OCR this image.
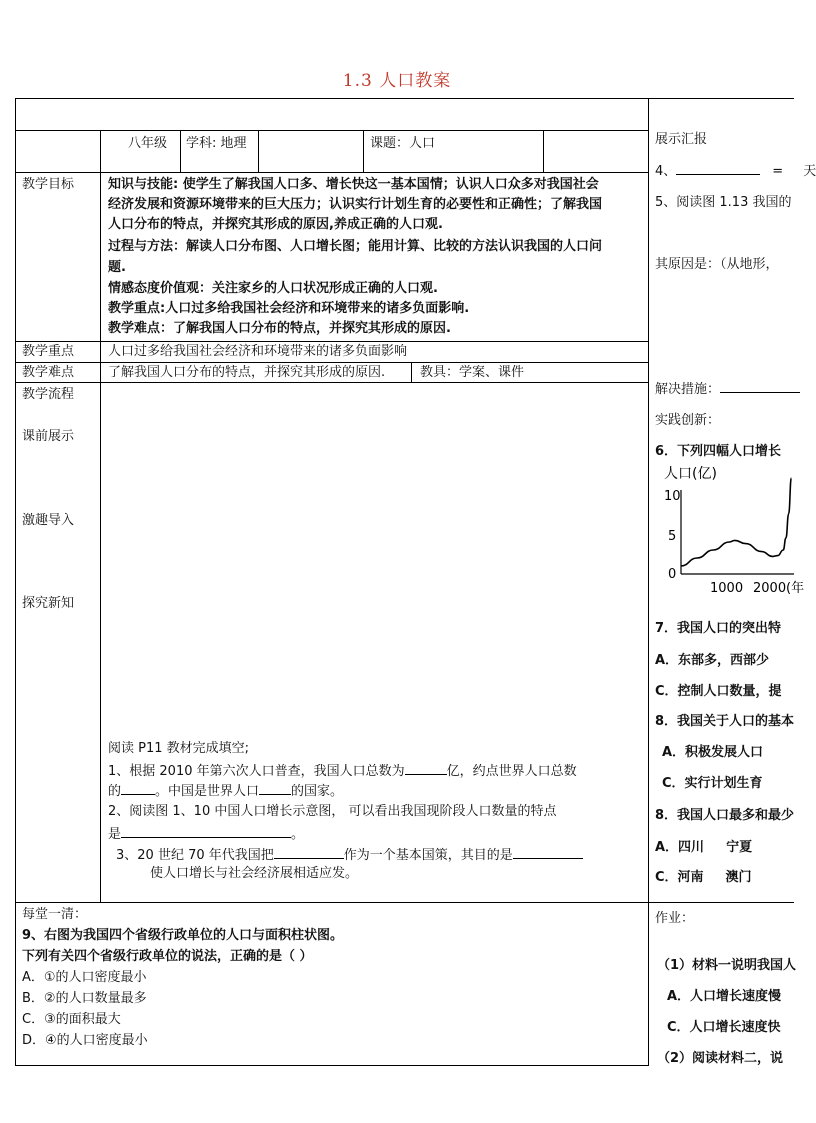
1.3 人口教案
八年级 学科: 地理	课题：人口
教学目标	知识与技能: 使学生了解我国人口多、增长快这一基本国情；认识人口众多对我国社会
经济发展和资源环境带来的巨大压力；认识实行计划生育的必要性和正确性；了解我国
人口分布的特点，并探究其形成的原因,养成正确的人口观.
过程与方法：解读人口分布图、人口增长图；能用计算、比较的方法认识我国的人口问
题.
情感态度价值观：关注家乡的人口状况形成正确的人口观.
教学重点:人口过多给我国社会经济和环境带来的诸多负面影响.
教学难点：了解我国人口分布的特点，并探究其形成的原因.
教学重点	人口过多给我国社会经济和环境带来的诸多负面影响
教学难点	了解我国人口分布的特点，并探究其形成的原因.	教具：学案、课件
教学流程
课前展示
激趣导入
探究新知
阅读 P11 教材完成填空;
1、根据 2010 年第六次人口普查，我国人口总数为	亿，约点世界人口总数
的	。中国是世界人口 的国家。
2、阅读图 1、10 中国人口增长示意图， 可以看出我国现阶段人口数量的特点
是	。
3、20 世纪 70 年代我国把	作为一个基本国策，其目的是
使人口增长与社会经济展相适应发。
每堂一清：
9、右图为我国四个省级行政单位的人口与面积柱状图。
下列有关四个省级行政单位的说法，正确的是（ ）
A．①的人口密度最小
B．②的人口数量最多
C．③的面积最大
D．④的人口密度最小
展示汇报
4、	= 天
5、阅读图 1.13 我国的
其原因是：（从地形，
解决措施：
实践创新：
6．下列四幅人口增长
人口(亿)
10
5
0
1000 2000 (年
7．我国人口的突出特
A．东部多，西部少
C．控制人口数量，提
8．我国关于人口的基本
A．积极发展人口
C．实行计划生育
8．我国人口最多和最少
A．四川 宁夏
C．河南 澳门
作业：
（1）材料一说明我国人
A．人口增长速度慢
C．人口增长速度快
（2）阅读材料二，说
